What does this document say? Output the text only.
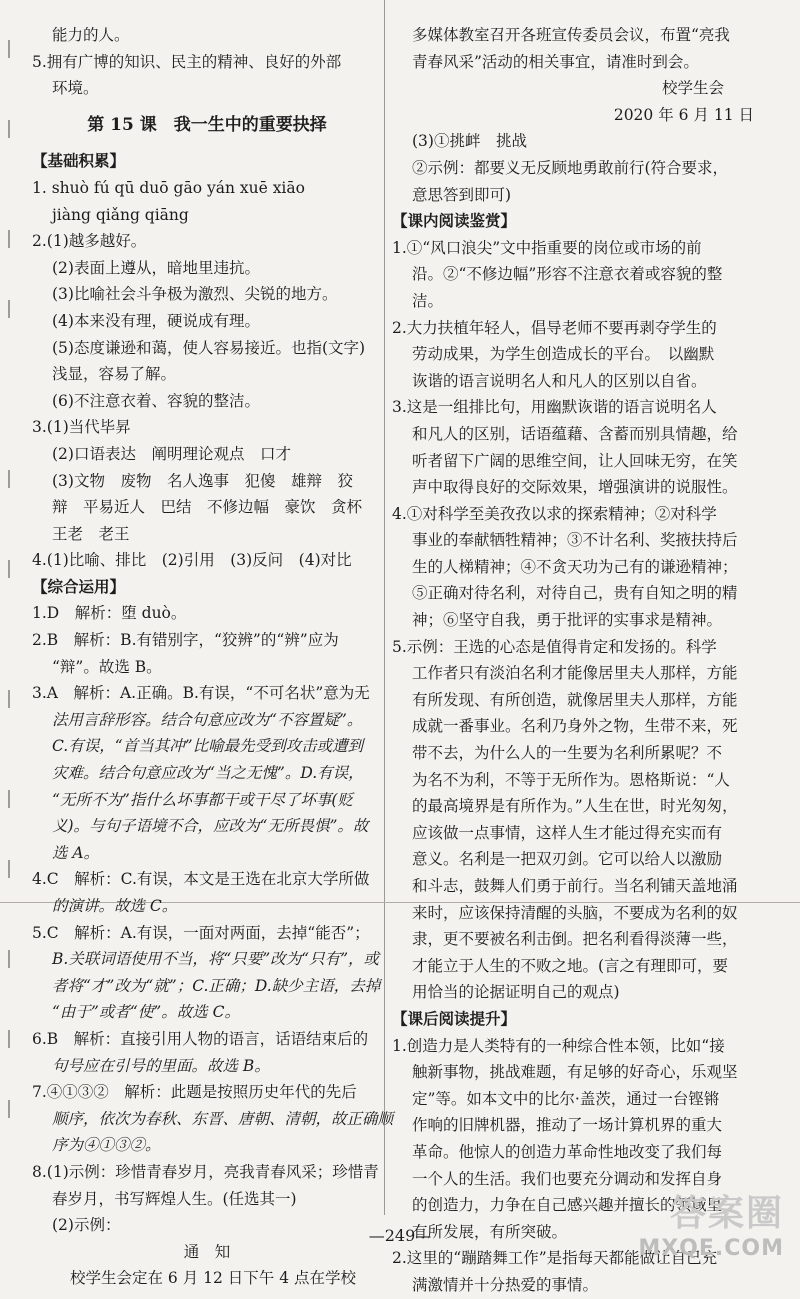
能力的人。
5.拥有广博的知识、民主的精神、良好的外部
环境。
第 15 课　我一生中的重要抉择
【基础积累】
1. shuò fú qū duō gāo yán xuē xiāo
jiàng qiǎng qiāng
2.(1)越多越好。
(2)表面上遵从，暗地里违抗。
(3)比喻社会斗争极为激烈、尖锐的地方。
(4)本来没有理，硬说成有理。
(5)态度谦逊和蔼，使人容易接近。也指(文字)
浅显，容易了解。
(6)不注意衣着、容貌的整洁。
3.(1)当代毕昇
(2)口语表达　阐明理论观点　口才
(3)文物　废物　名人逸事　犯傻　雄辩　狡
辩　平易近人　巴结　不修边幅　豪饮　贪杯
王老　老王
4.(1)比喻、排比　(2)引用　(3)反问　(4)对比
【综合运用】
1.D　解析：堕 duò。
2.B　解析：B.有错别字，“狡辨”的“辨”应为
“辩”。故选 B。
3.A　解析：A.正确。B.有误，“不可名状”意为无
法用言辞形容。结合句意应改为“不容置疑”。
C.有误，“首当其冲”比喻最先受到攻击或遭到
灾难。结合句意应改为“当之无愧”。D.有误，
“无所不为”指什么坏事都干或干尽了坏事(贬
义)。与句子语境不合，应改为“无所畏惧”。故
选 A。
4.C　解析：C.有误，本文是王选在北京大学所做
的演讲。故选 C。
5.C　解析：A.有误，一面对两面，去掉“能否”；
B.关联词语使用不当，将“只要”改为“只有”，或
者将“才”改为“就”；C.正确；D.缺少主语，去掉
“由于”或者“使”。故选 C。
6.B　解析：直接引用人物的语言，话语结束后的
句号应在引号的里面。故选 B。
7.④①③②　解析：此题是按照历史年代的先后
顺序，依次为春秋、东晋、唐朝、清朝，故正确顺
序为④①③②。
8.(1)示例：珍惜青春岁月，亮我青春风采；珍惜青
春岁月，书写辉煌人生。(任选其一)
(2)示例：
通　知
校学生会定在 6 月 12 日下午 4 点在学校
多媒体教室召开各班宣传委员会议，布置“亮我
青春风采”活动的相关事宜，请准时到会。
校学生会
2020 年 6 月 11 日
(3)①挑衅　挑战
②示例：都要义无反顾地勇敢前行(符合要求，
意思答到即可)
【课内阅读鉴赏】
1.①“风口浪尖”文中指重要的岗位或市场的前
沿。②“不修边幅”形容不注意衣着或容貌的整
洁。
2.大力扶植年轻人，倡导老师不要再剥夺学生的
劳动成果，为学生创造成长的平台。　以幽默
诙谐的语言说明名人和凡人的区别以自省。
3.这是一组排比句，用幽默诙谐的语言说明名人
和凡人的区别，话语蕴藉、含蓄而别具情趣，给
听者留下广阔的思维空间，让人回味无穷，在笑
声中取得良好的交际效果，增强演讲的说服性。
4.①对科学至美孜孜以求的探索精神；②对科学
事业的奉献牺牲精神；③不计名利、奖掖扶持后
生的人梯精神；④不贪天功为己有的谦逊精神；
⑤正确对待名利，对待自己，贵有自知之明的精
神；⑥坚守自我，勇于批评的实事求是精神。
5.示例：王选的心态是值得肯定和发扬的。科学
工作者只有淡泊名利才能像居里夫人那样，方能
有所发现、有所创造，就像居里夫人那样，方能
成就一番事业。名利乃身外之物，生带不来，死
带不去，为什么人的一生要为名利所累呢？不
为名不为利，不等于无所作为。恩格斯说：“人
的最高境界是有所作为。”人生在世，时光匆匆，
应该做一点事情，这样人生才能过得充实而有
意义。名利是一把双刃剑。它可以给人以激励
和斗志，鼓舞人们勇于前行。当名利铺天盖地涌
来时，应该保持清醒的头脑，不要成为名利的奴
隶，更不要被名利击倒。把名利看得淡薄一些，
才能立于人生的不败之地。(言之有理即可，要
用恰当的论据证明自己的观点)
【课后阅读提升】
1.创造力是人类特有的一种综合性本领，比如“接
触新事物，挑战难题，有足够的好奇心，乐观坚
定”等。如本文中的比尔·盖茨，通过一台铿锵
作响的旧牌机器，推动了一场计算机界的重大
革命。他惊人的创造力革命性地改变了我们每
一个人的生活。我们也要充分调动和发挥自身
的创造力，力争在自己感兴趣并擅长的领域里
有所发展，有所突破。
2.这里的“蹦踏舞工作”是指每天都能做让自己充
满激情并十分热爱的事情。
—249—
答案圈
MXQE.COM
